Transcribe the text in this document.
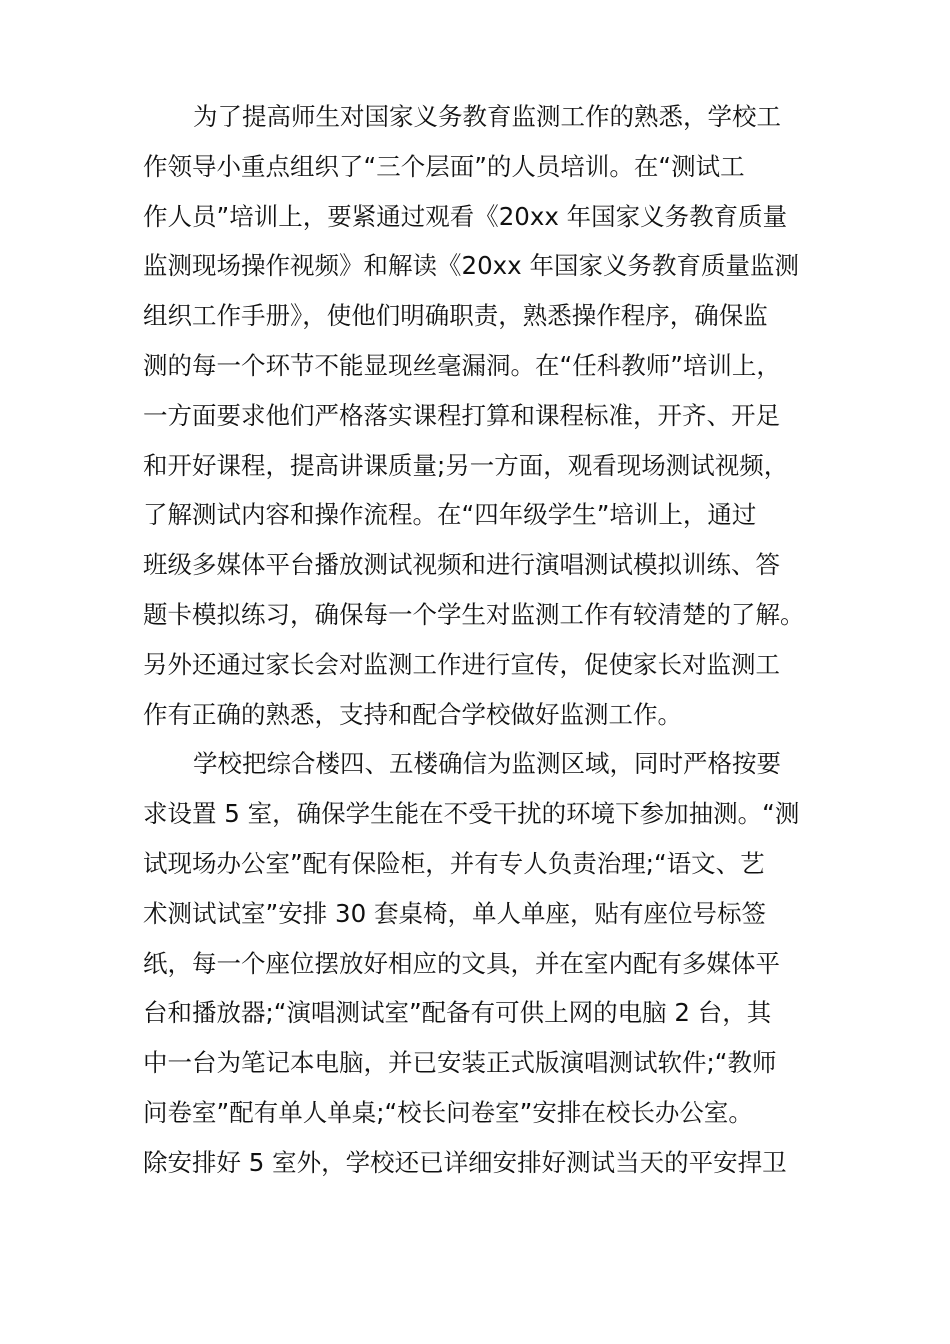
为了提高师生对国家义务教育监测工作的熟悉，学校工
作领导小重点组织了“三个层面”的人员培训。在“测试工
作人员”培训上，要紧通过观看《20xx 年国家义务教育质量
监测现场操作视频》和解读《20xx 年国家义务教育质量监测
组织工作手册》，使他们明确职责，熟悉操作程序，确保监
测的每一个环节不能显现丝毫漏洞。在“任科教师”培训上，
一方面要求他们严格落实课程打算和课程标准，开齐、开足
和开好课程，提高讲课质量;另一方面，观看现场测试视频，
了解测试内容和操作流程。在“四年级学生”培训上，通过
班级多媒体平台播放测试视频和进行演唱测试模拟训练、答
题卡模拟练习，确保每一个学生对监测工作有较清楚的了解。
另外还通过家长会对监测工作进行宣传，促使家长对监测工
作有正确的熟悉，支持和配合学校做好监测工作。
学校把综合楼四、五楼确信为监测区域，同时严格按要
求设置 5 室，确保学生能在不受干扰的环境下参加抽测。“测
试现场办公室”配有保险柜，并有专人负责治理;“语文、艺
术测试试室”安排 30 套桌椅，单人单座，贴有座位号标签
纸，每一个座位摆放好相应的文具，并在室内配有多媒体平
台和播放器;“演唱测试室”配备有可供上网的电脑 2 台，其
中一台为笔记本电脑，并已安装正式版演唱测试软件;“教师
问卷室”配有单人单桌;“校长问卷室”安排在校长办公室。
除安排好 5 室外，学校还已详细安排好测试当天的平安捍卫
